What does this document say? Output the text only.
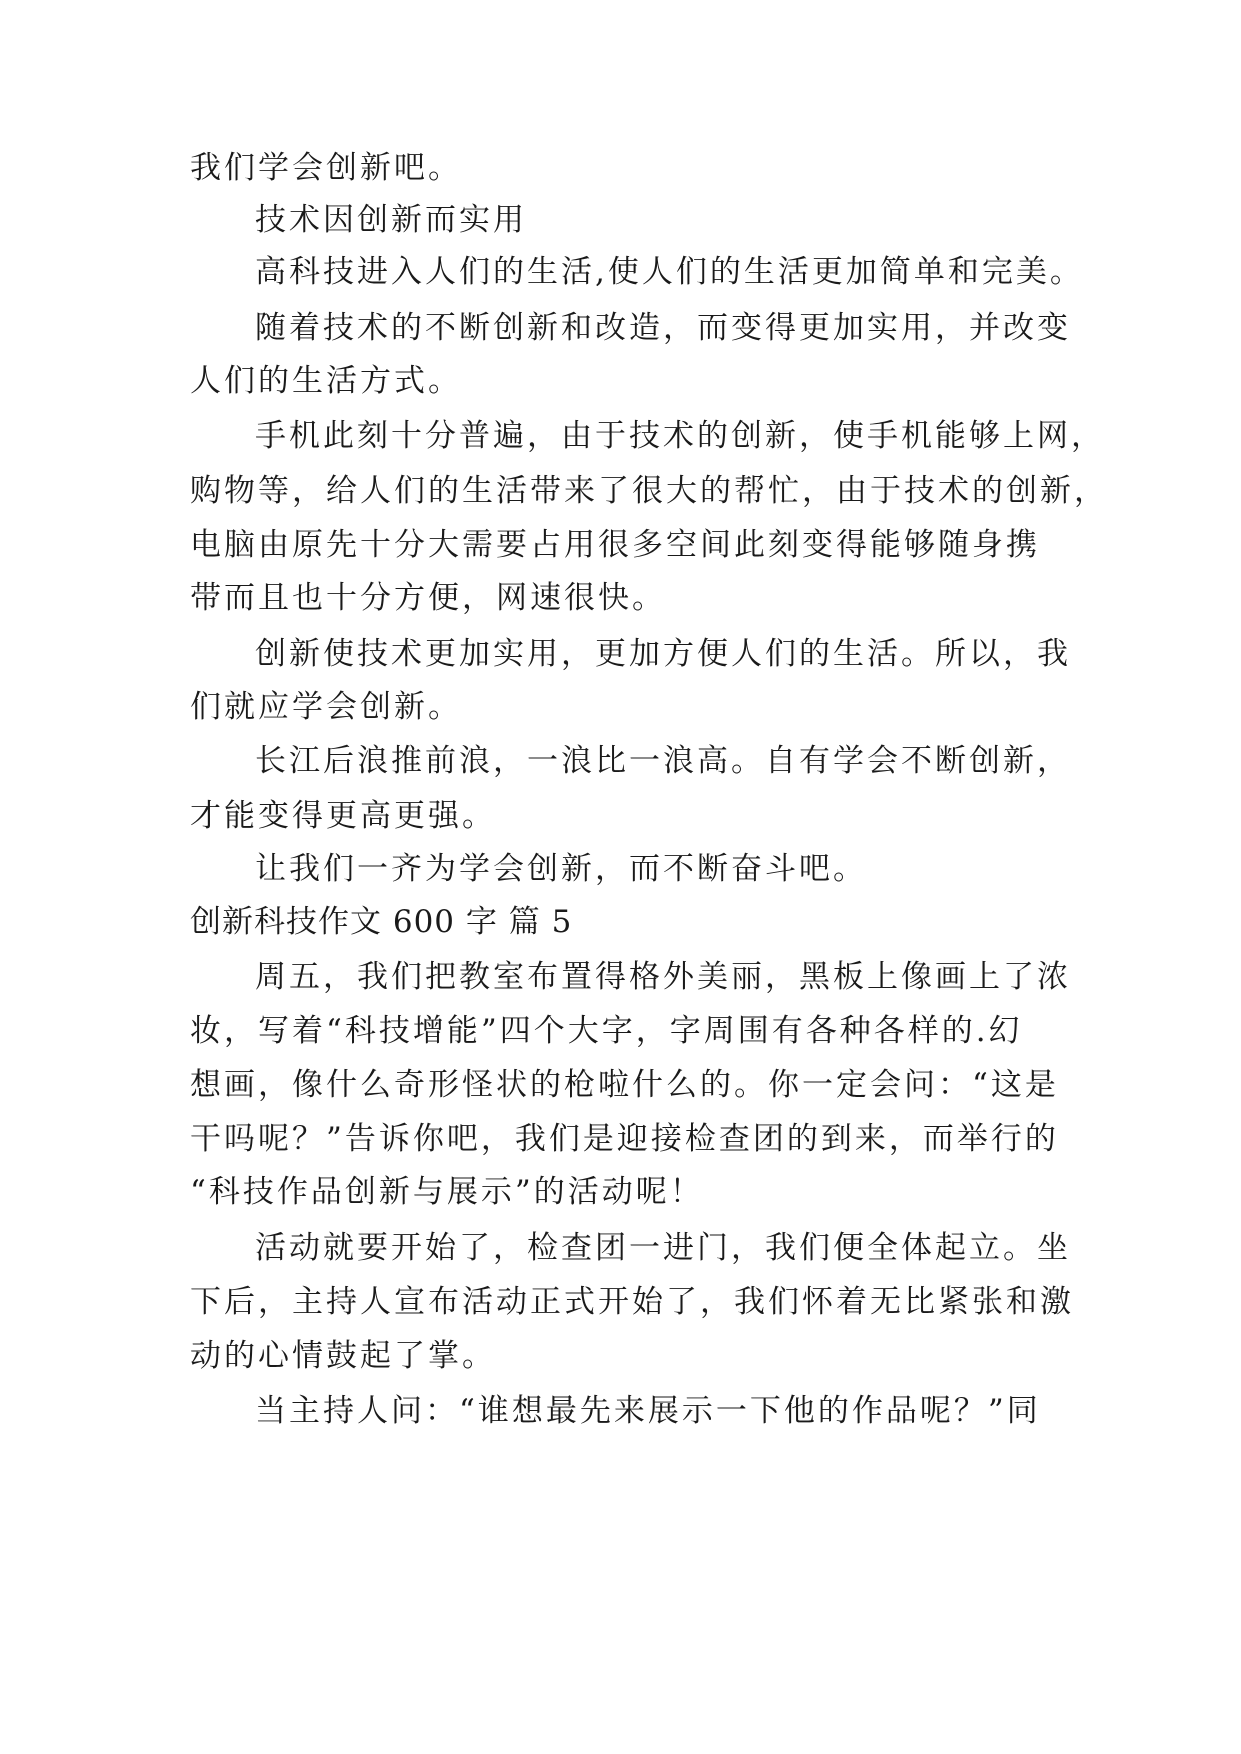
我们学会创新吧。
技术因创新而实用
高科技进入人们的生活,使人们的生活更加简单和完美。
随着技术的不断创新和改造，而变得更加实用，并改变
人们的生活方式。
手机此刻十分普遍，由于技术的创新，使手机能够上网，
购物等，给人们的生活带来了很大的帮忙，由于技术的创新，
电脑由原先十分大需要占用很多空间此刻变得能够随身携
带而且也十分方便，网速很快。
创新使技术更加实用，更加方便人们的生活。所以，我
们就应学会创新。
长江后浪推前浪，一浪比一浪高。自有学会不断创新，
才能变得更高更强。
让我们一齐为学会创新，而不断奋斗吧。
创新科技作文 600 字 篇 5
周五，我们把教室布置得格外美丽，黑板上像画上了浓
妆，写着“科技增能”四个大字，字周围有各种各样的.幻
想画，像什么奇形怪状的枪啦什么的。你一定会问：“这是
干吗呢？”告诉你吧，我们是迎接检查团的到来，而举行的
“科技作品创新与展示”的活动呢！
活动就要开始了，检查团一进门，我们便全体起立。坐
下后，主持人宣布活动正式开始了，我们怀着无比紧张和激
动的心情鼓起了掌。
当主持人问：“谁想最先来展示一下他的作品呢？”同
